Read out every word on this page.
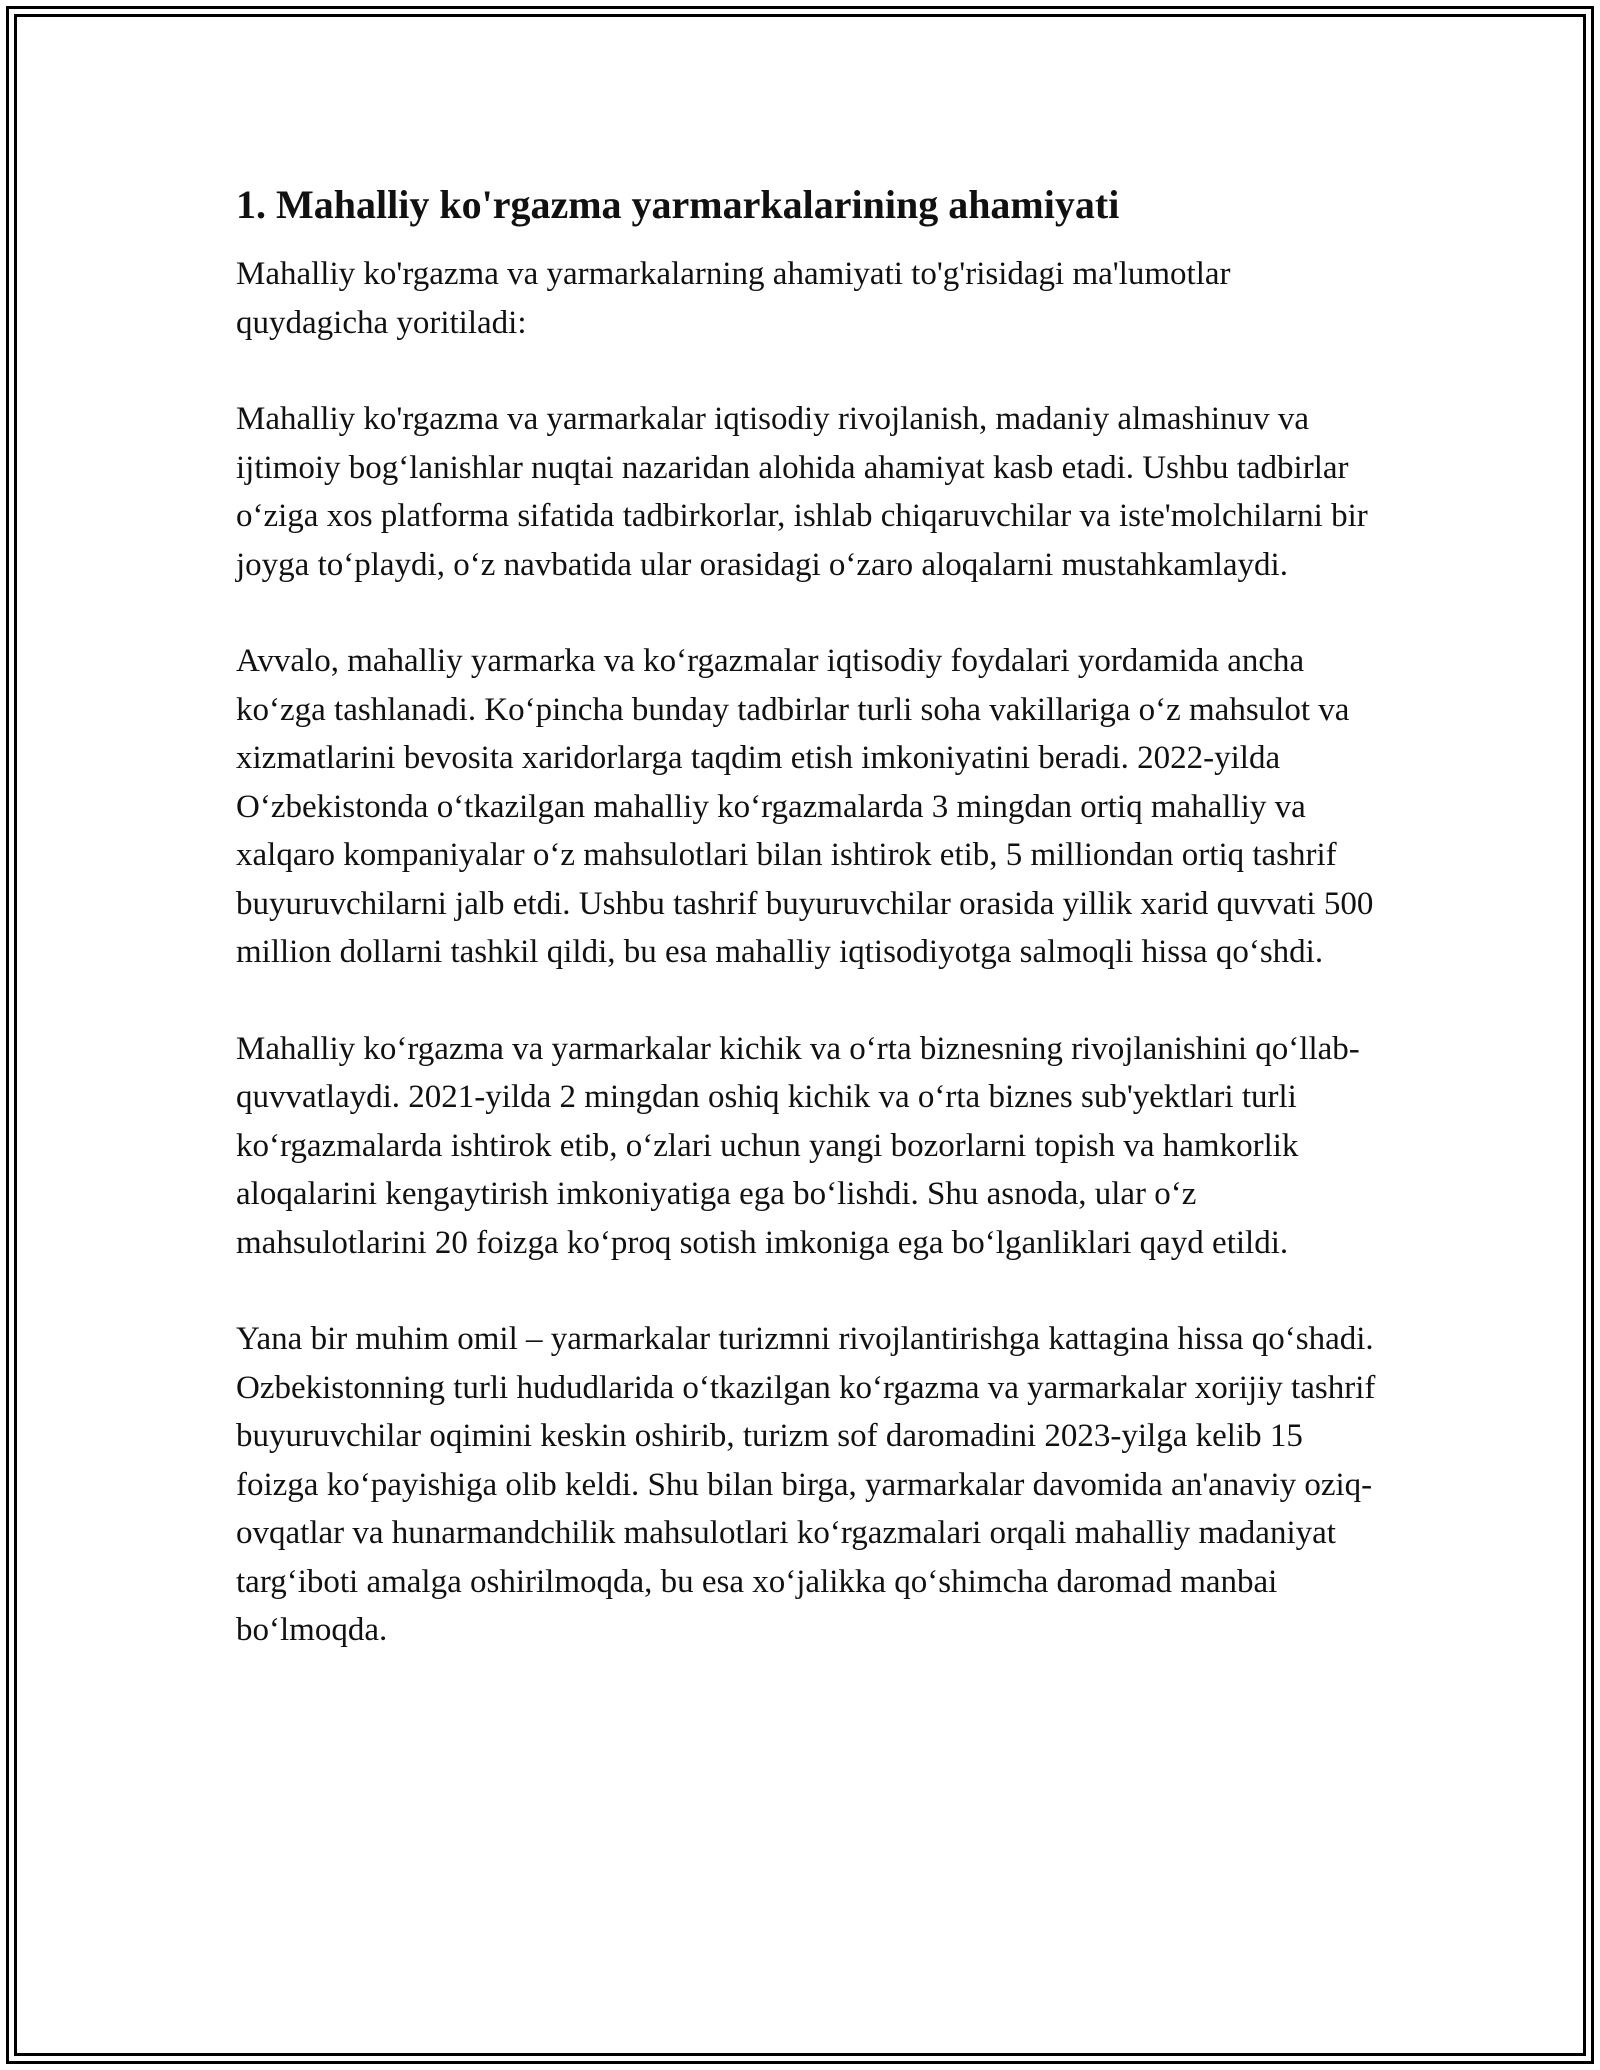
1. Mahalliy ko'rgazma yarmarkalarining ahamiyati

Mahalliy ko'rgazma va yarmarkalarning ahamiyati to'g'risidagi ma'lumotlar quydagicha yoritiladi:

Mahalliy ko'rgazma va yarmarkalar iqtisodiy rivojlanish, madaniy almashinuv va ijtimoiy bog‘lanishlar nuqtai nazaridan alohida ahamiyat kasb etadi. Ushbu tadbirlar o‘ziga xos platforma sifatida tadbirkorlar, ishlab chiqaruvchilar va iste'molchilarni bir joyga to‘playdi, o‘z navbatida ular orasidagi o‘zaro aloqalarni mustahkamlaydi.

Avvalo, mahalliy yarmarka va ko‘rgazmalar iqtisodiy foydalari yordamida ancha ko‘zga tashlanadi. Ko‘pincha bunday tadbirlar turli soha vakillariga o‘z mahsulot va xizmatlarini bevosita xaridorlarga taqdim etish imkoniyatini beradi. 2022-yilda O‘zbekistonda o‘tkazilgan mahalliy ko‘rgazmalarda 3 mingdan ortiq mahalliy va xalqaro kompaniyalar o‘z mahsulotlari bilan ishtirok etib, 5 milliondan ortiq tashrif buyuruvchilarni jalb etdi. Ushbu tashrif buyuruvchilar orasida yillik xarid quvvati 500 million dollarni tashkil qildi, bu esa mahalliy iqtisodiyotga salmoqli hissa qo‘shdi.

Mahalliy ko‘rgazma va yarmarkalar kichik va o‘rta biznesning rivojlanishini qo‘llab-quvvatlaydi. 2021-yilda 2 mingdan oshiq kichik va o‘rta biznes sub'yektlari turli ko‘rgazmalarda ishtirok etib, o‘zlari uchun yangi bozorlarni topish va hamkorlik aloqalarini kengaytirish imkoniyatiga ega bo‘lishdi. Shu asnoda, ular o‘z mahsulotlarini 20 foizga ko‘proq sotish imkoniga ega bo‘lganliklari qayd etildi.

Yana bir muhim omil – yarmarkalar turizmni rivojlantirishga kattagina hissa qo‘shadi. Ozbekistonning turli hududlarida o‘tkazilgan ko‘rgazma va yarmarkalar xorijiy tashrif buyuruvchilar oqimini keskin oshirib, turizm sof daromadini 2023-yilga kelib 15 foizga ko‘payishiga olib keldi. Shu bilan birga, yarmarkalar davomida an'anaviy oziq-ovqatlar va hunarmandchilik mahsulotlari ko‘rgazmalari orqali mahalliy madaniyat targ‘iboti amalga oshirilmoqda, bu esa xo‘jalikka qo‘shimcha daromad manbai bo‘lmoqda.
